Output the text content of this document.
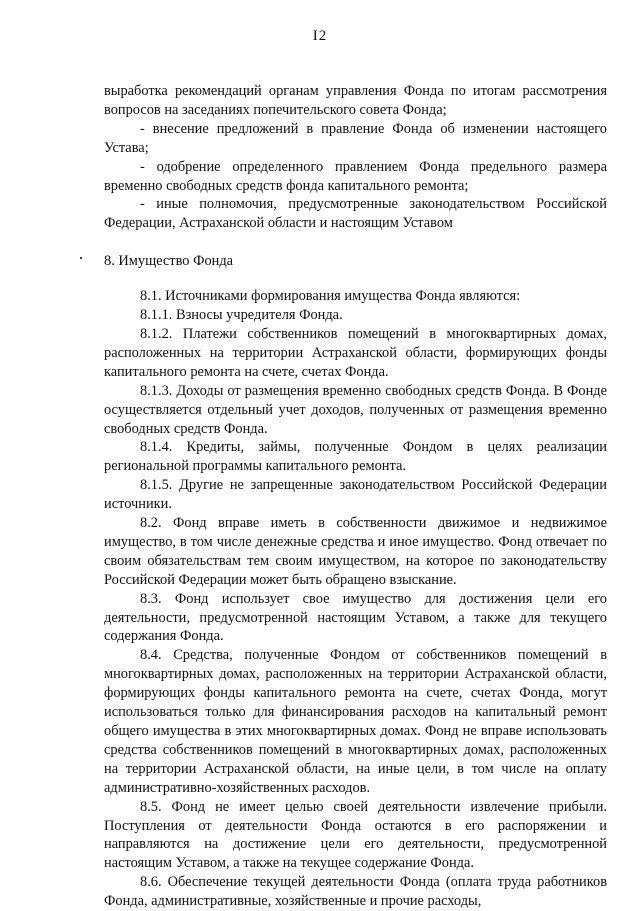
I2

выработка рекомендаций органам управления Фонда по итогам рассмотрения вопросов на заседаниях попечительского совета Фонда;

- внесение предложений в правление Фонда об изменении настоящего Устава;

- одобрение определенного правлением Фонда предельного размера временно свободных средств фонда капитального ремонта;

- иные полномочия, предусмотренные законодательством Российской Федерации, Астраханской области и настоящим Уставом

8. Имущество Фонда

8.1. Источниками формирования имущества Фонда являются:

8.1.1. Взносы учредителя Фонда.

8.1.2. Платежи собственников помещений в многоквартирных домах, расположенных на территории Астраханской области, формирующих фонды капитального ремонта на счете, счетах Фонда.

8.1.3. Доходы от размещения временно свободных средств Фонда. В Фонде осуществляется отдельный учет доходов, полученных от размещения временно свободных средств Фонда.

8.1.4. Кредиты, займы, полученные Фондом в целях реализации региональной программы капитального ремонта.

8.1.5. Другие не запрещенные законодательством Российской Федерации источники.

8.2. Фонд вправе иметь в собственности движимое и недвижимое имущество, в том числе денежные средства и иное имущество. Фонд отвечает по своим обязательствам тем своим имуществом, на которое по законодательству Российской Федерации может быть обращено взыскание.

8.3. Фонд использует свое имущество для достижения цели его деятельности, предусмотренной настоящим Уставом, а также для текущего содержания Фонда.

8.4. Средства, полученные Фондом от собственников помещений в многоквартирных домах, расположенных на территории Астраханской области, формирующих фонды капитального ремонта на счете, счетах Фонда, могут использоваться только для финансирования расходов на капитальный ремонт общего имущества в этих многоквартирных домах. Фонд не вправе использовать средства собственников помещений в многоквартирных домах, расположенных на территории Астраханской области, на иные цели, в том числе на оплату административно-хозяйственных расходов.

8.5. Фонд не имеет целью своей деятельности извлечение прибыли. Поступления от деятельности Фонда остаются в его распоряжении и направляются на достижение цели его деятельности, предусмотренной настоящим Уставом, а также на текущее содержание Фонда.

8.6. Обеспечение текущей деятельности Фонда (оплата труда работников Фонда, административные, хозяйственные и прочие расходы,
